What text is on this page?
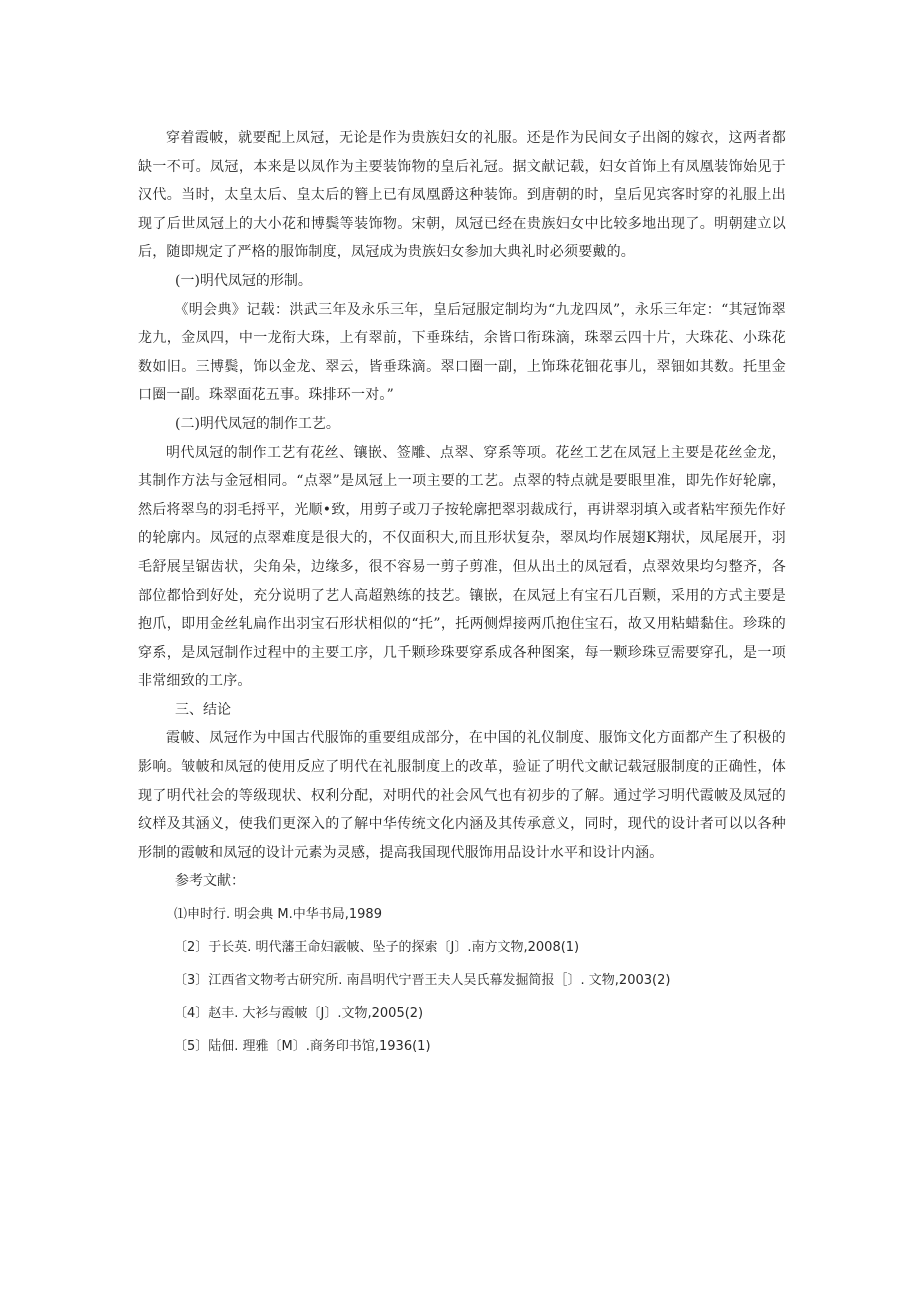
穿着霞帔，就要配上凤冠，无论是作为贵族妇女的礼服。还是作为民间女子出阁的嫁衣，这两者都缺一不可。凤冠，本来是以凤作为主要装饰物的皇后礼冠。据文献记载，妇女首饰上有凤凰装饰始见于汉代。当时，太皇太后、皇太后的簪上已有凤凰爵这种装饰。到唐朝的时，皇后见宾客时穿的礼服上出现了后世凤冠上的大小花和博鬓等装饰物。宋朝，凤冠已经在贵族妇女中比较多地出现了。明朝建立以后，随即规定了严格的服饰制度，凤冠成为贵族妇女参加大典礼时必须要戴的。

(一)明代凤冠的形制。

《明会典》记载：洪武三年及永乐三年，皇后冠服定制均为“九龙四凤”，永乐三年定：“其冠饰翠龙九，金凤四，中一龙衔大珠，上有翠前，下垂珠结，余皆口衔珠滴，珠翠云四十片，大珠花、小珠花数如旧。三博鬓，饰以金龙、翠云，皆垂珠滴。翠口圈一副，上饰珠花钿花事儿，翠钿如其数。托里金口圈一副。珠翠面花五事。珠排环一对。”

(二)明代凤冠的制作工艺。

明代凤冠的制作工艺有花丝、镶嵌、签雕、点翠、穿系等项。花丝工艺在凤冠上主要是花丝金龙，其制作方法与金冠相同。“点翠”是凤冠上一项主要的工艺。点翠的特点就是要眼里准，即先作好轮廓，然后将翠鸟的羽毛捋平，光顺•致，用剪子或刀子按轮廓把翠羽裁成行，再讲翠羽填入或者粘牢预先作好的轮廓内。凤冠的点翠难度是很大的，不仅面积大,而且形状复杂，翠凤均作展翅K翔状，凤尾展开，羽毛舒展呈锯齿状，尖角朵，边缘多，很不容易一剪子剪准，但从出土的凤冠看，点翠效果均匀整齐，各部位都恰到好处，充分说明了艺人高超熟练的技艺。镶嵌，在凤冠上有宝石几百颗，采用的方式主要是抱爪，即用金丝轧扁作出羽宝石形状相似的“托”，托两侧焊接两爪抱住宝石，故又用粘蜡黏住。珍珠的穿系，是凤冠制作过程中的主要工序，几千颗珍珠要穿系成各种图案，每一颗珍珠豆需要穿孔，是一项非常细致的工序。

三、结论

霞帔、凤冠作为中国古代服饰的重要组成部分，在中国的礼仪制度、服饰文化方面都产生了积极的影响。皱帔和凤冠的使用反应了明代在礼服制度上的改革，验证了明代文献记载冠服制度的正确性，体现了明代社会的等级现状、权利分配，对明代的社会风气也有初步的了解。通过学习明代霞帔及凤冠的纹样及其涵义，使我们更深入的了解中华传统文化内涵及其传承意义，同时，现代的设计者可以以各种形制的霞帔和凤冠的设计元素为灵感，提高我国现代服饰用品设计水平和设计内涵。

参考文献：

⑴申时行. 明会典 M.中华书局,1989

〔2〕于长英. 明代藩王命妇霰帔、坠子的探索〔J〕.南方文物,2008(1)

〔3〕江西省文物考古研究所. 南昌明代宁晋王夫人吴氏幕发掘简报［〕. 文物,2003(2)

〔4〕赵丰. 大衫与霞帔〔J〕.文物,2005(2)

〔5〕陆佃. 理雅〔M〕.商务印书馆,1936(1)
